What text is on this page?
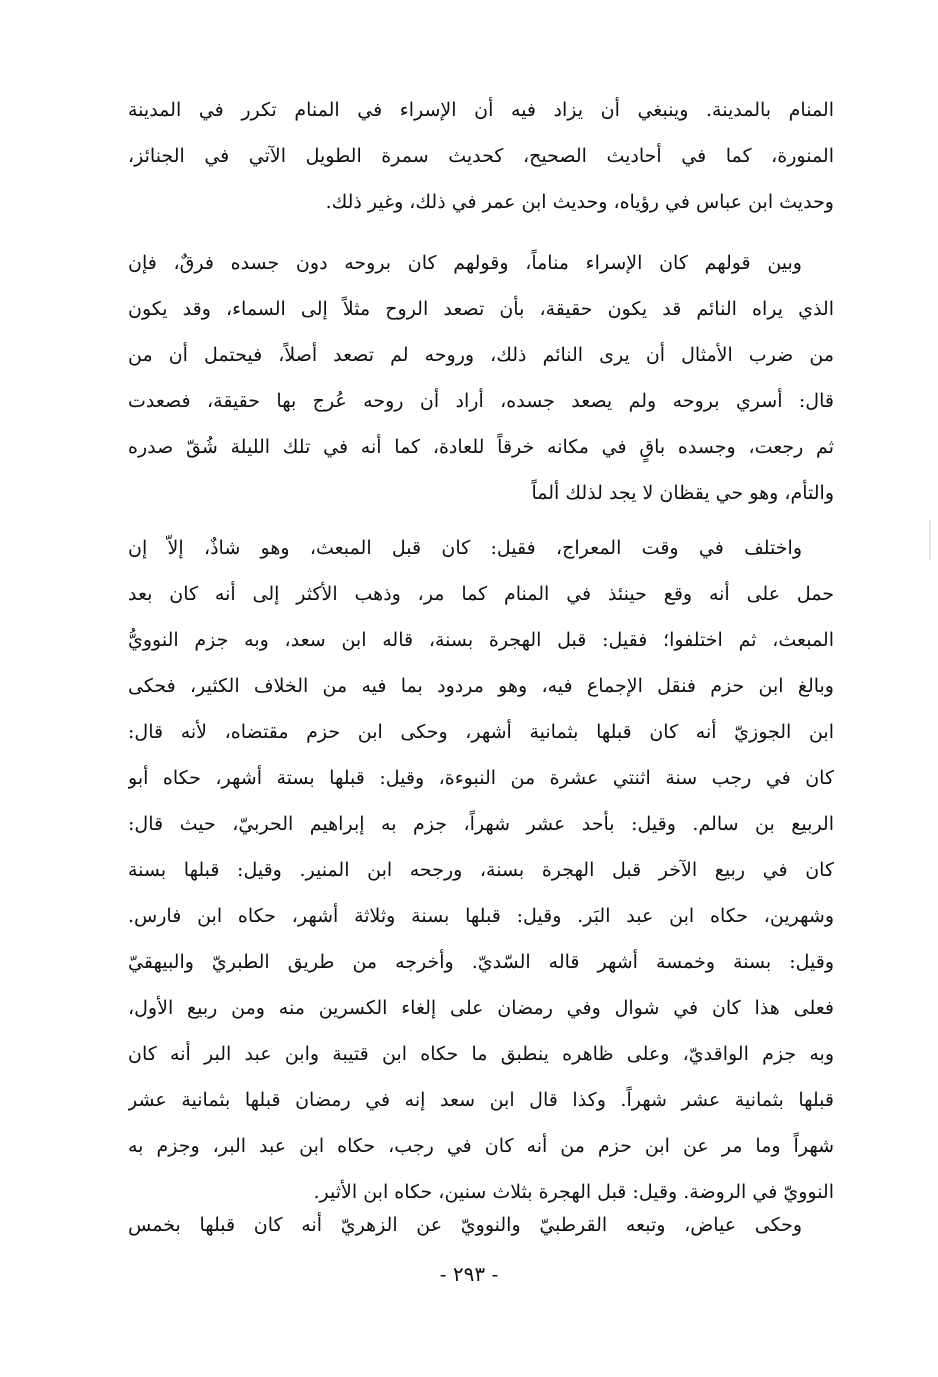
المنام بالمدينة. وينبغي أن يزاد فيه أن الإسراء في المنام تكرر في المدينة
المنورة، كما في أحاديث الصحيح، كحديث سمرة الطويل الآتي في الجنائز،
وحديث ابن عباس في رؤياه، وحديث ابن عمر في ذلك، وغير ذلك.
وبين قولهم كان الإسراء مناماً، وقولهم كان بروحه دون جسده فرقٌ، فإن
الذي يراه النائم قد يكون حقيقة، بأن تصعد الروح مثلاً إلى السماء، وقد يكون
من ضرب الأمثال أن يرى النائم ذلك، وروحه لم تصعد أصلاً، فيحتمل أن من
قال: أسري بروحه ولم يصعد جسده، أراد أن روحه عُرج بها حقيقة، فصعدت
ثم رجعت، وجسده باقٍ في مكانه خرقاً للعادة، كما أنه في تلك الليلة شُقّ صدره
والتأم، وهو حي يقظان لا يجد لذلك ألماً
واختلف في وقت المعراج، فقيل: كان قبل المبعث، وهو شاذٌ، إلاّ إن
حمل على أنه وقع حينئذ في المنام كما مر، وذهب الأكثر إلى أنه كان بعد
المبعث، ثم اختلفوا؛ فقيل: قبل الهجرة بسنة، قاله ابن سعد، وبه جزم النوويُّ
وبالغ ابن حزم فنقل الإجماع فيه، وهو مردود بما فيه من الخلاف الكثير، فحكى
ابن الجوزيّ أنه كان قبلها بثمانية أشهر، وحكى ابن حزم مقتضاه، لأنه قال:
كان في رجب سنة اثنتي عشرة من النبوءة، وقيل: قبلها بستة أشهر، حكاه أبو
الربيع بن سالم. وقيل: بأحد عشر شهراً، جزم به إبراهيم الحربيّ، حيث قال:
كان في ربيع الآخر قبل الهجرة بسنة، ورجحه ابن المنير. وقيل: قبلها بسنة
وشهرين، حكاه ابن عبد البَر. وقيل: قبلها بسنة وثلاثة أشهر، حكاه ابن فارس.
وقيل: بسنة وخمسة أشهر قاله السّديّ. وأخرجه من طريق الطبريّ والبيهقيّ
فعلى هذا كان في شوال وفي رمضان على إلغاء الكسرين منه ومن ربيع الأول،
وبه جزم الواقديّ، وعلى ظاهره ينطبق ما حكاه ابن قتيبة وابن عبد البر أنه كان
قبلها بثمانية عشر شهراً. وكذا قال ابن سعد إنه في رمضان قبلها بثمانية عشر
شهراً وما مر عن ابن حزم من أنه كان في رجب، حكاه ابن عبد البر، وجزم به
النوويّ في الروضة. وقيل: قبل الهجرة بثلاث سنين، حكاه ابن الأثير.
وحكى عياض، وتبعه القرطبيّ والنوويّ عن الزهريّ أنه كان قبلها بخمس
- ٢٩٣ -
